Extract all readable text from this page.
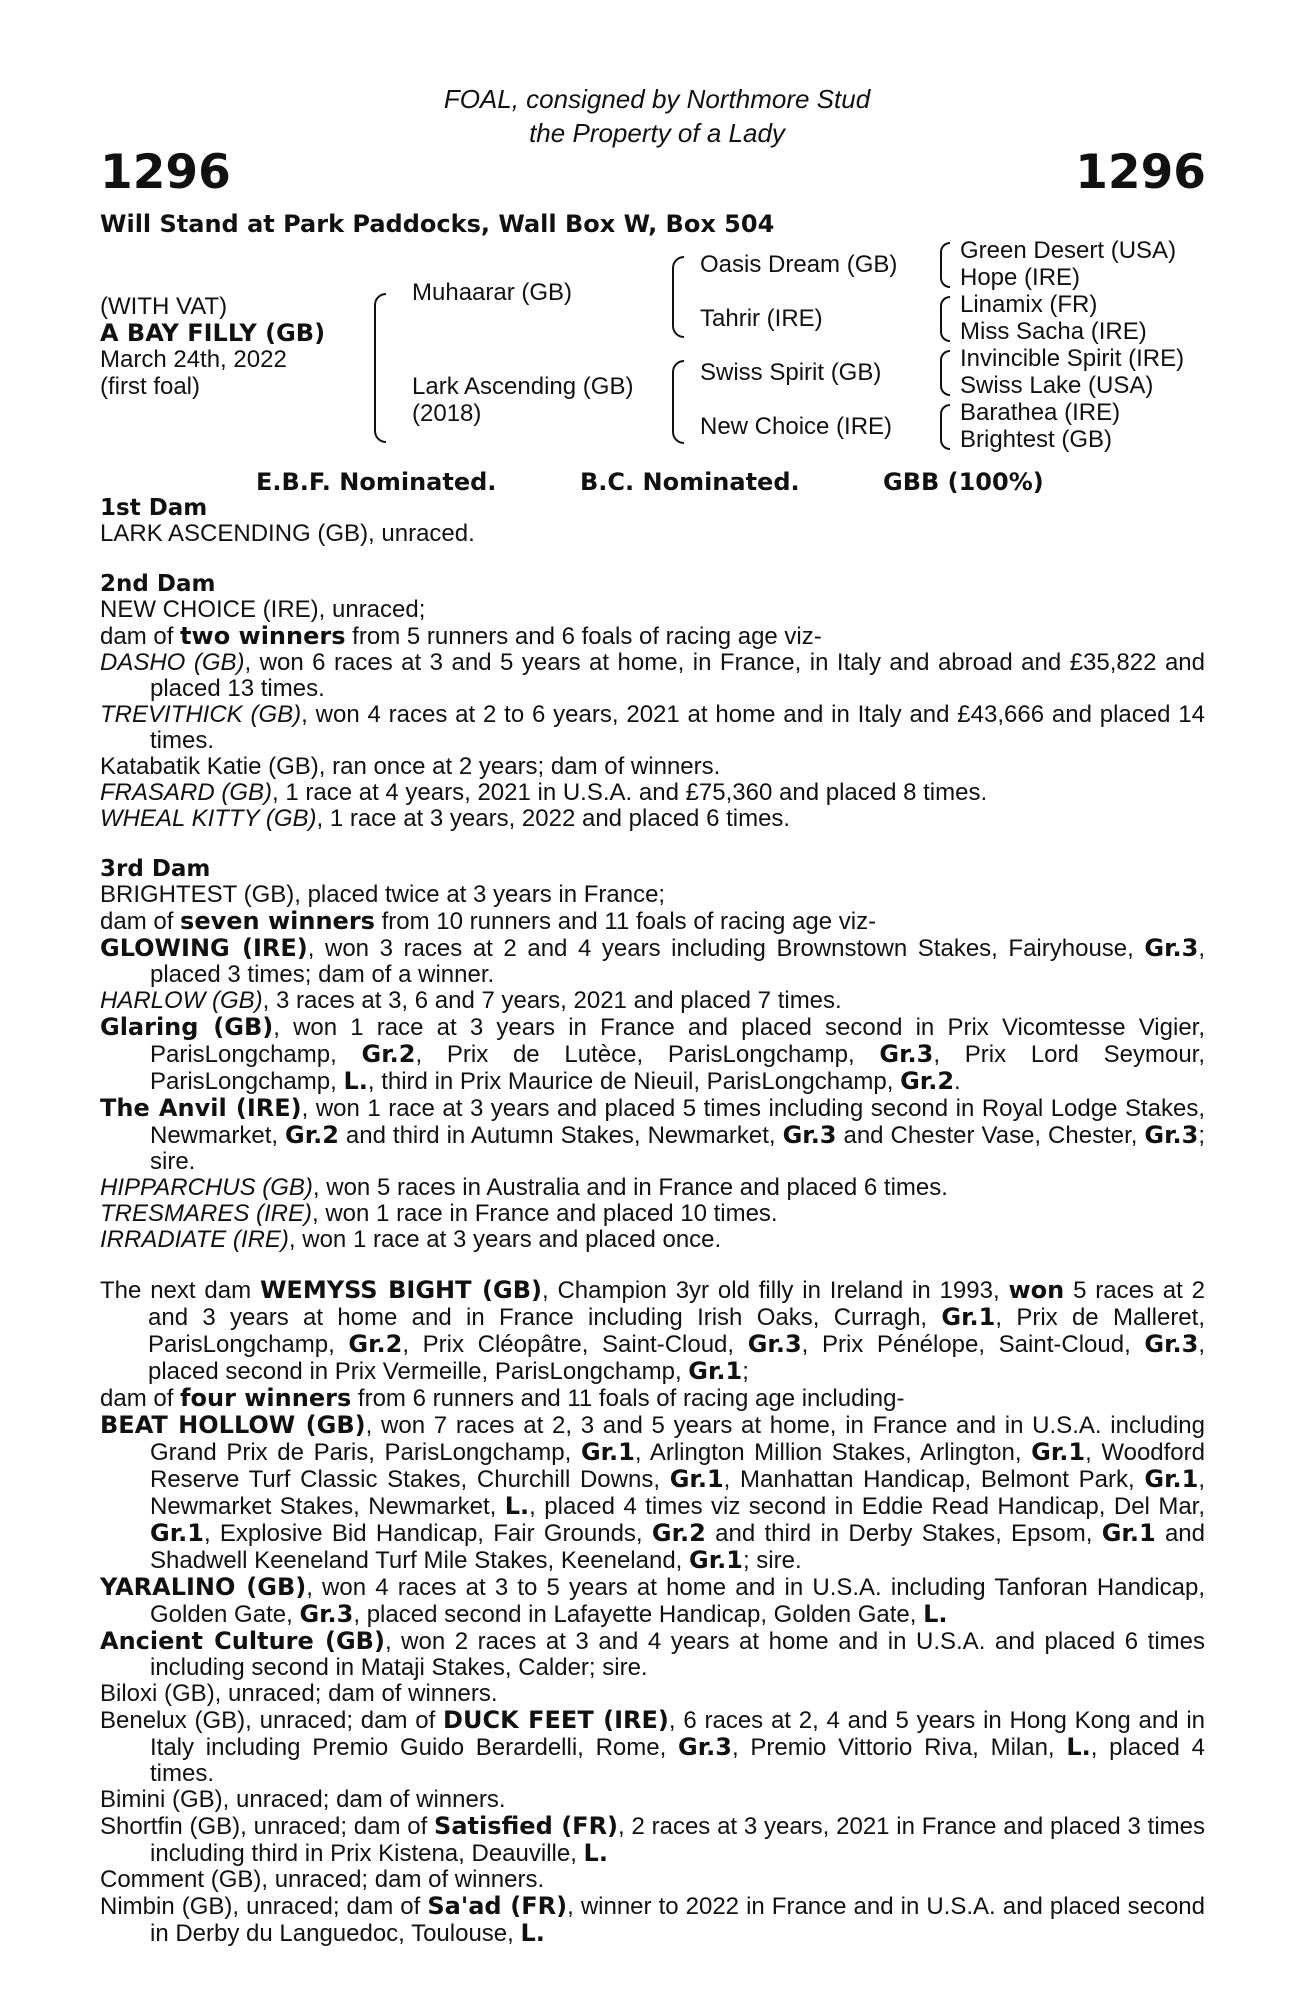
FOAL, consigned by Northmore Stud
the Property of a Lady
1296	1296
Will Stand at Park Paddocks, Wall Box W, Box 504
(WITH VAT)
A BAY FILLY (GB)
March 24th, 2022
(first foal)
Muhaarar (GB)
Lark Ascending (GB)
(2018)
Oasis Dream (GB)
Tahrir (IRE)
Swiss Spirit (GB)
New Choice (IRE)
Green Desert (USA)
Hope (IRE)
Linamix (FR)
Miss Sacha (IRE)
Invincible Spirit (IRE)
Swiss Lake (USA)
Barathea (IRE)
Brightest (GB)
E.B.F. Nominated.	B.C. Nominated.	GBB (100%)

1st Dam

LARK ASCENDING (GB), unraced.

2nd Dam

NEW CHOICE (IRE), unraced;

dam of two winners from 5 runners and 6 foals of racing age viz-

DASHO (GB), won 6 races at 3 and 5 years at home, in France, in Italy and abroad and £35,822 and placed 13 times.

TREVITHICK (GB), won 4 races at 2 to 6 years, 2021 at home and in Italy and £43,666 and placed 14 times.

Katabatik Katie (GB), ran once at 2 years; dam of winners.

FRASARD (GB), 1 race at 4 years, 2021 in U.S.A. and £75,360 and placed 8 times.

WHEAL KITTY (GB), 1 race at 3 years, 2022 and placed 6 times.

3rd Dam

BRIGHTEST (GB), placed twice at 3 years in France;

dam of seven winners from 10 runners and 11 foals of racing age viz-

GLOWING (IRE), won 3 races at 2 and 4 years including Brownstown Stakes, Fairyhouse, Gr.3, placed 3 times; dam of a winner.

HARLOW (GB), 3 races at 3, 6 and 7 years, 2021 and placed 7 times.

Glaring (GB), won 1 race at 3 years in France and placed second in Prix Vicomtesse Vigier, ParisLongchamp, Gr.2, Prix de Lutèce, ParisLongchamp, Gr.3, Prix Lord Seymour, ParisLongchamp, L., third in Prix Maurice de Nieuil, ParisLongchamp, Gr.2.

The Anvil (IRE), won 1 race at 3 years and placed 5 times including second in Royal Lodge Stakes, Newmarket, Gr.2 and third in Autumn Stakes, Newmarket, Gr.3 and Chester Vase, Chester, Gr.3; sire.

HIPPARCHUS (GB), won 5 races in Australia and in France and placed 6 times.

TRESMARES (IRE), won 1 race in France and placed 10 times.

IRRADIATE (IRE), won 1 race at 3 years and placed once.

The next dam WEMYSS BIGHT (GB), Champion 3yr old filly in Ireland in 1993, won 5 races at 2 and 3 years at home and in France including Irish Oaks, Curragh, Gr.1, Prix de Malleret, ParisLongchamp, Gr.2, Prix Cléopâtre, Saint-Cloud, Gr.3, Prix Pénélope, Saint-Cloud, Gr.3, placed second in Prix Vermeille, ParisLongchamp, Gr.1;

dam of four winners from 6 runners and 11 foals of racing age including-

BEAT HOLLOW (GB), won 7 races at 2, 3 and 5 years at home, in France and in U.S.A. including Grand Prix de Paris, ParisLongchamp, Gr.1, Arlington Million Stakes, Arlington, Gr.1, Woodford Reserve Turf Classic Stakes, Churchill Downs, Gr.1, Manhattan Handicap, Belmont Park, Gr.1, Newmarket Stakes, Newmarket, L., placed 4 times viz second in Eddie Read Handicap, Del Mar, Gr.1, Explosive Bid Handicap, Fair Grounds, Gr.2 and third in Derby Stakes, Epsom, Gr.1 and Shadwell Keeneland Turf Mile Stakes, Keeneland, Gr.1; sire.

YARALINO (GB), won 4 races at 3 to 5 years at home and in U.S.A. including Tanforan Handicap, Golden Gate, Gr.3, placed second in Lafayette Handicap, Golden Gate, L.

Ancient Culture (GB), won 2 races at 3 and 4 years at home and in U.S.A. and placed 6 times including second in Mataji Stakes, Calder; sire.

Biloxi (GB), unraced; dam of winners.

Benelux (GB), unraced; dam of DUCK FEET (IRE), 6 races at 2, 4 and 5 years in Hong Kong and in Italy including Premio Guido Berardelli, Rome, Gr.3, Premio Vittorio Riva, Milan, L., placed 4 times.

Bimini (GB), unraced; dam of winners.

Shortfin (GB), unraced; dam of Satisfied (FR), 2 races at 3 years, 2021 in France and placed 3 times including third in Prix Kistena, Deauville, L.

Comment (GB), unraced; dam of winners.

Nimbin (GB), unraced; dam of Sa'ad (FR), winner to 2022 in France and in U.S.A. and placed second in Derby du Languedoc, Toulouse, L.
